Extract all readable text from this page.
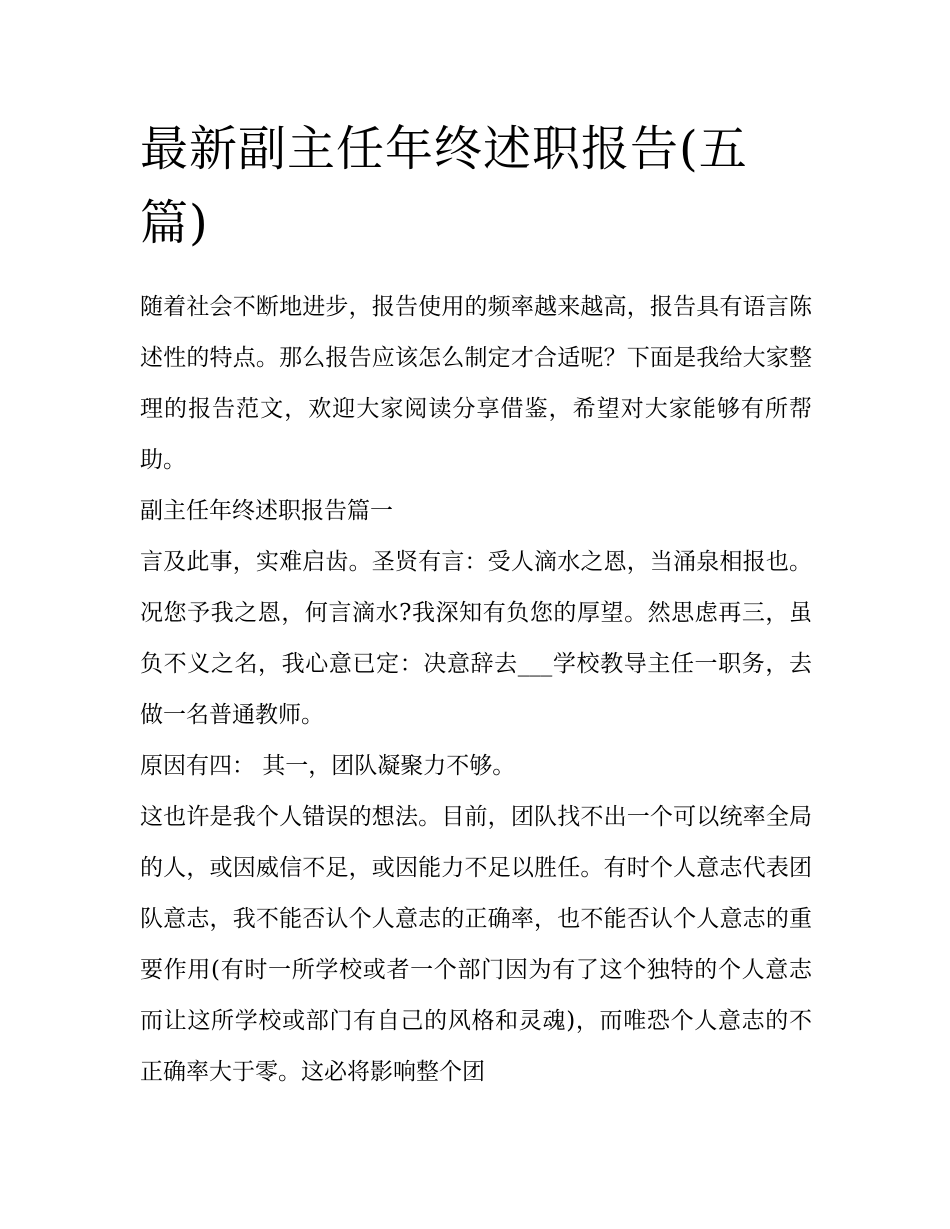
最新副主任年终述职报告(五篇)

随着社会不断地进步，报告使用的频率越来越高，报告具有语言陈述性的特点。那么报告应该怎么制定才合适呢？下面是我给大家整理的报告范文，欢迎大家阅读分享借鉴，希望对大家能够有所帮助。

副主任年终述职报告篇一

言及此事，实难启齿。圣贤有言：受人滴水之恩，当涌泉相报也。况您予我之恩，何言滴水?我深知有负您的厚望。然思虑再三，虽负不义之名，我心意已定：决意辞去___学校教导主任一职务，去做一名普通教师。

原因有四： 其一，团队凝聚力不够。

这也许是我个人错误的想法。目前，团队找不出一个可以统率全局的人，或因威信不足，或因能力不足以胜任。有时个人意志代表团队意志，我不能否认个人意志的正确率，也不能否认个人意志的重要作用(有时一所学校或者一个部门因为有了这个独特的个人意志而让这所学校或部门有自己的风格和灵魂)，而唯恐个人意志的不正确率大于零。这必将影响整个团
